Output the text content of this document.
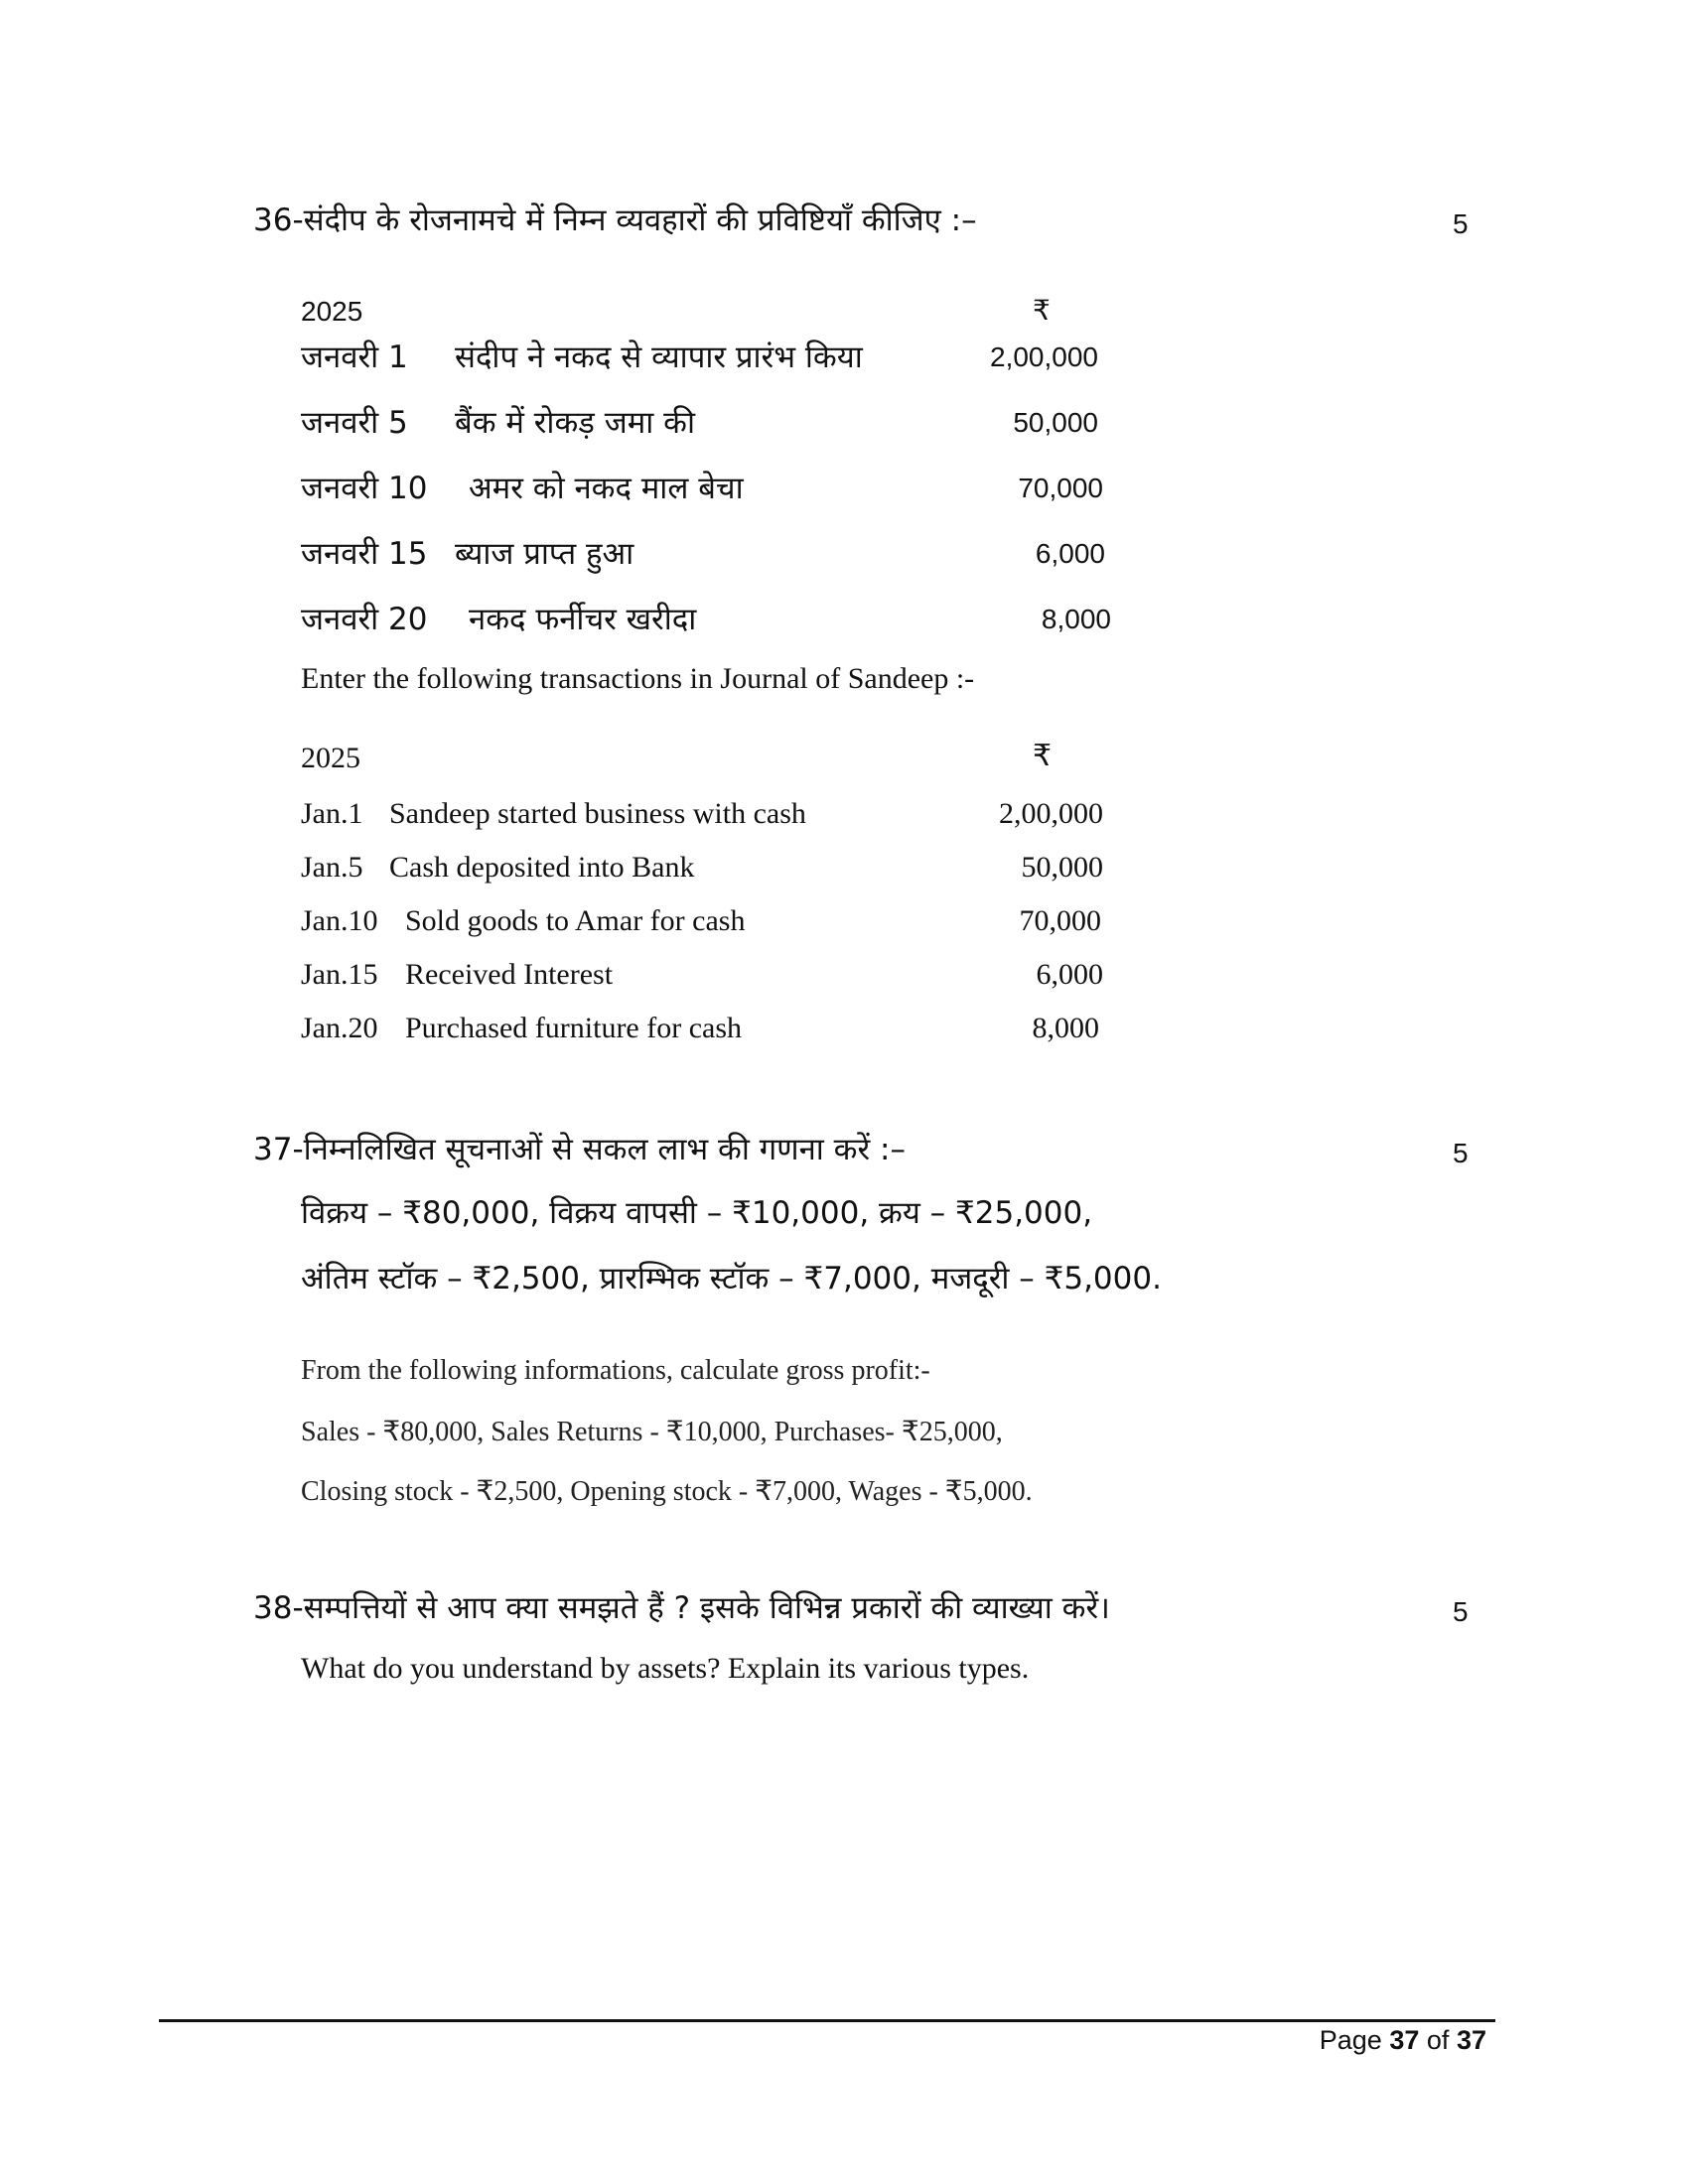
36-संदीप के रोजनामचे में निम्न व्यवहारों की प्रविष्टियाँ कीजिए :–	5
2025	₹
जनवरी 1 संदीप ने नकद से व्यापार प्रारंभ किया	2,00,000
जनवरी 5 बैंक में रोकड़ जमा की	50,000
जनवरी 10 अमर को नकद माल बेचा	70,000
जनवरी 15 ब्याज प्राप्त हुआ	6,000
जनवरी 20 नकद फर्नीचर खरीदा	8,000
Enter the following transactions in Journal of Sandeep :-
2025	₹
Jan.1 Sandeep started business with cash	2,00,000
Jan.5 Cash deposited into Bank	50,000
Jan.10 Sold goods to Amar for cash	70,000
Jan.15 Received Interest	6,000
Jan.20 Purchased furniture for cash	8,000
37-निम्नलिखित सूचनाओं से सकल लाभ की गणना करें :–	5
विक्रय – ₹80,000, विक्रय वापसी – ₹10,000, क्रय – ₹25,000,
अंतिम स्टॉक – ₹2,500, प्रारम्भिक स्टॉक – ₹7,000, मजदूरी – ₹5,000.
From the following informations, calculate gross profit:-
Sales - ₹80,000, Sales Returns - ₹10,000, Purchases- ₹25,000,
Closing stock - ₹2,500, Opening stock - ₹7,000, Wages - ₹5,000.
38-सम्पत्तियों से आप क्या समझते हैं ? इसके विभिन्न प्रकारों की व्याख्या करें।	5
What do you understand by assets? Explain its various types.
Page 37 of 37
